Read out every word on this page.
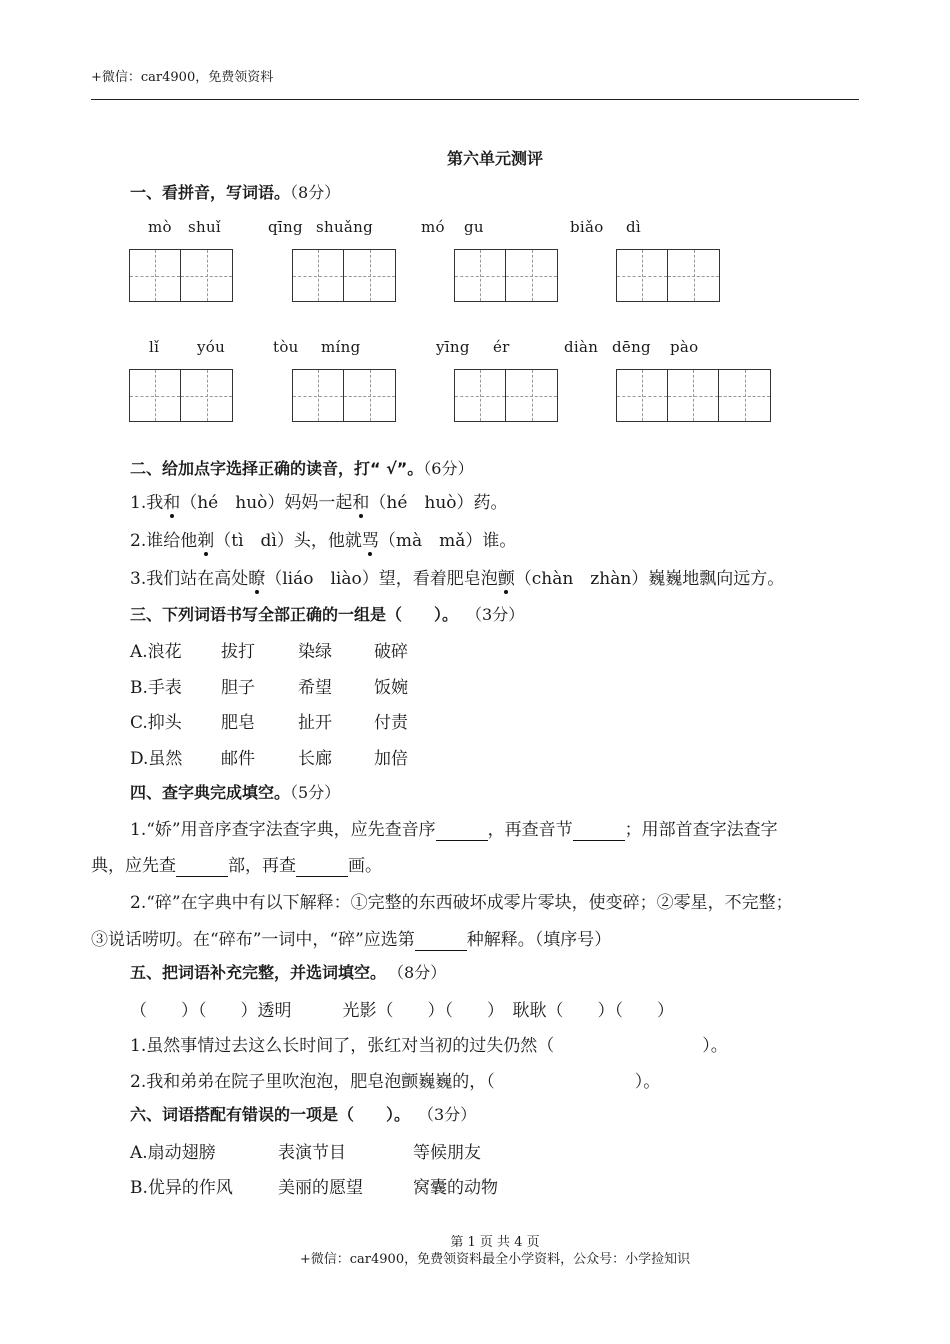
+微信：car4900，免费领资料
第六单元测评
一、看拼音，写词语。（8分）
mò shuǐ	qīng shuǎng	mó gu	biǎo dì
lǐ	yóu	tòu míng	yīng ér	diàn dēng pào
二、给加点字选择正确的读音，打“ √”。（6分）
1.我和（hé　huò）妈妈一起和（hé　huò）药。
2.谁给他剃（tì　dì）头，他就骂（mà　mǎ）谁。
3.我们站在高处瞭（liáo　liào）望，看着肥皂泡颤（chàn　zhàn）巍巍地飘向远方。
三、下列词语书写全部正确的一组是（　　）。 （3分）
A.浪花 拔打	染绿 破碎
B.手表 胆子	希望 饭婉
C.抑头 肥皂	扯开 付责
D.虽然 邮件	长廊 加倍
四、查字典完成填空。（5分）
1.“娇”用音序查字法查字典，应先查音序	，再查音节	；用部首查字法查字
典，应先查	部，再查	画。
2.“碎”在字典中有以下解释：①完整的东西破坏成零片零块，使变碎；②零星，不完整；
③说话唠叨。在“碎布”一词中，“碎”应选第	种解释。（填序号）
五、把词语补充完整，并选词填空。 （8分）
（　　）（　　）透明　　　光影（　　）（　　）　耿耿（　　）（　　）
1.虽然事情过去这么长时间了，张红对当初的过失仍然（	）。
2.我和弟弟在院子里吹泡泡，肥皂泡颤巍巍的，（	）。
六、词语搭配有错误的一项是（　　）。 （3分）
A.扇动翅膀	表演节目	等候朋友
B.优异的作风	美丽的愿望	窝囊的动物
第 1 页 共 4 页
+微信：car4900，免费领资料最全小学资料，公众号：小学捡知识
